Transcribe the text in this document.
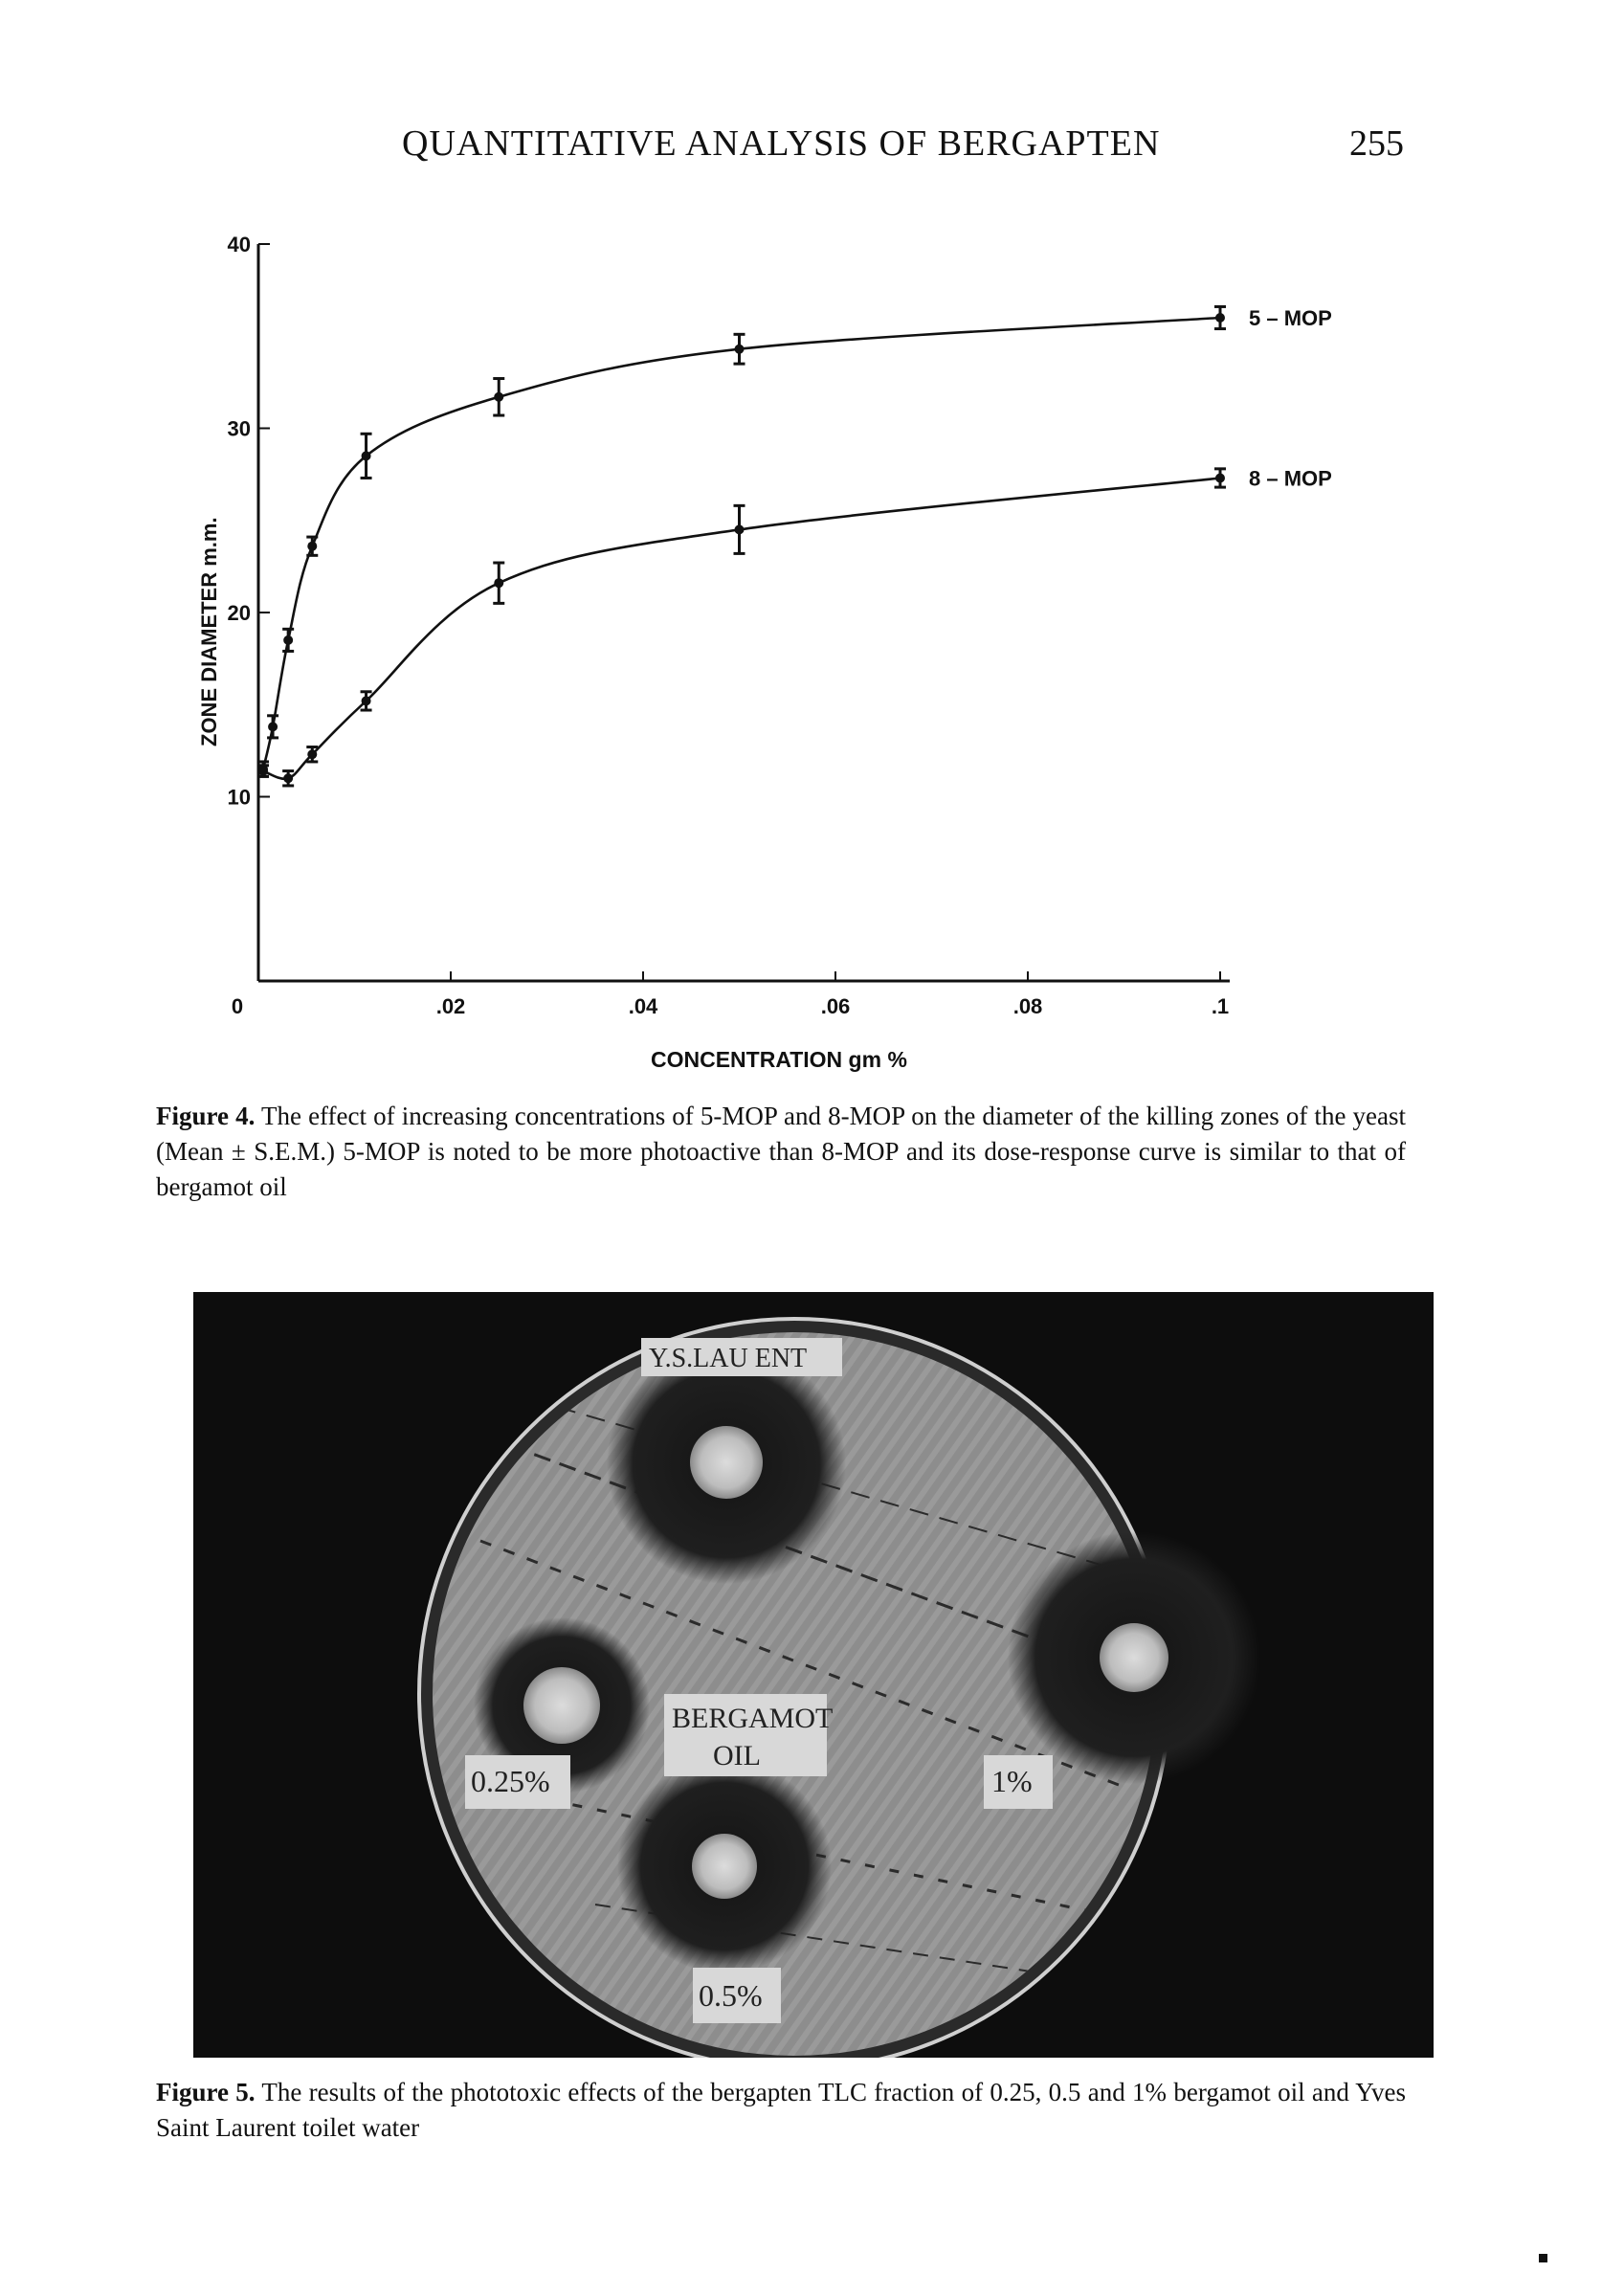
QUANTITATIVE ANALYSIS OF BERGAPTEN	255
10
20
30
40
0	.02	.04	.06	.08	.1
5 – MOP
8 – MOP
CONCENTRATION gm %
ZONE DIAMETER m.m.
Figure 4. The effect of increasing concentrations of 5-MOP and 8-MOP on the diameter of the killing zones of the yeast (Mean ± S.E.M.) 5-MOP is noted to be more photoactive than 8-MOP and its dose-response curve is similar to that of bergamot oil
Y.S.LAU ENT
BERGAMOT
OIL
0.25%	1%
0.5%
Figure 5. The results of the phototoxic effects of the bergapten TLC fraction of 0.25, 0.5 and 1% bergamot oil and Yves Saint Laurent toilet water
